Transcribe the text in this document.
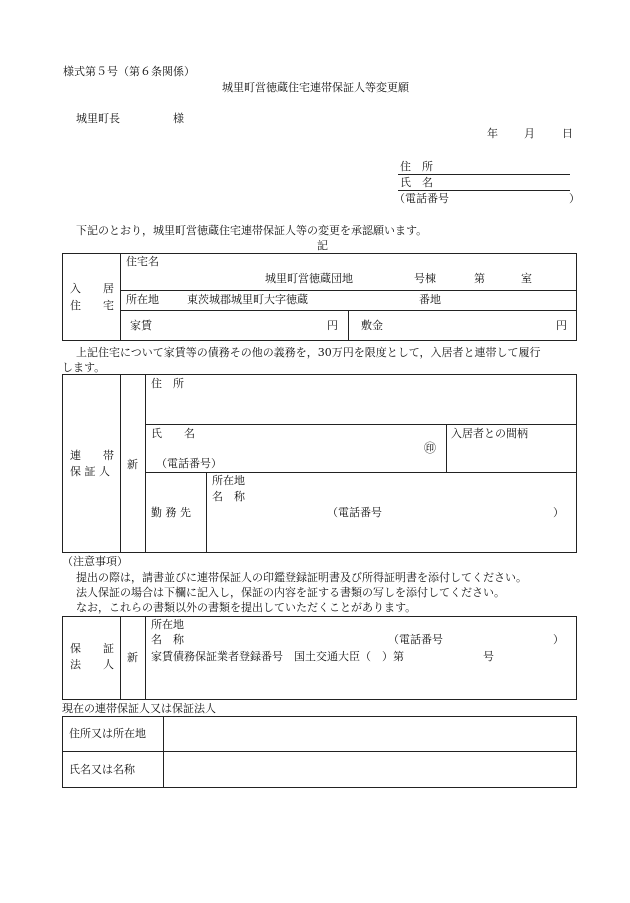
様式第５号（第６条関係）
城里町営徳蔵住宅連帯保証人等変更願
城里町長	様
年 月 日
住　所
氏　名
（電話番号	）
下記のとおり，城里町営徳蔵住宅連帯保証人等の変更を承認願います。
記
入　　居
住　　宅
住宅名
城里町営徳蔵団地	号棟	第	室
所在地	東茨城郡城里町大字徳蔵	番地
家賃	円 敷金	円
上記住宅について家賃等の債務その他の義務を，30万円を限度として，入居者と連帯して履行
します。
連　　帯
保 証 人
新
住　所
氏　　名
㊞
入居者との間柄
（電話番号）
所在地
名　称
勤 務 先	（電話番号	）
（注意事項）
提出の際は，請書並びに連帯保証人の印鑑登録証明書及び所得証明書を添付してください。
法人保証の場合は下欄に記入し，保証の内容を証する書類の写しを添付してください。
なお，これらの書類以外の書類を提出していただくことがあります。
保　　証
法　　人
新
所在地
名　称	（電話番号	）
家賃債務保証業者登録番号　国土交通大臣（　）第	号
現在の連帯保証人又は保証法人
住所又は所在地
氏名又は名称
